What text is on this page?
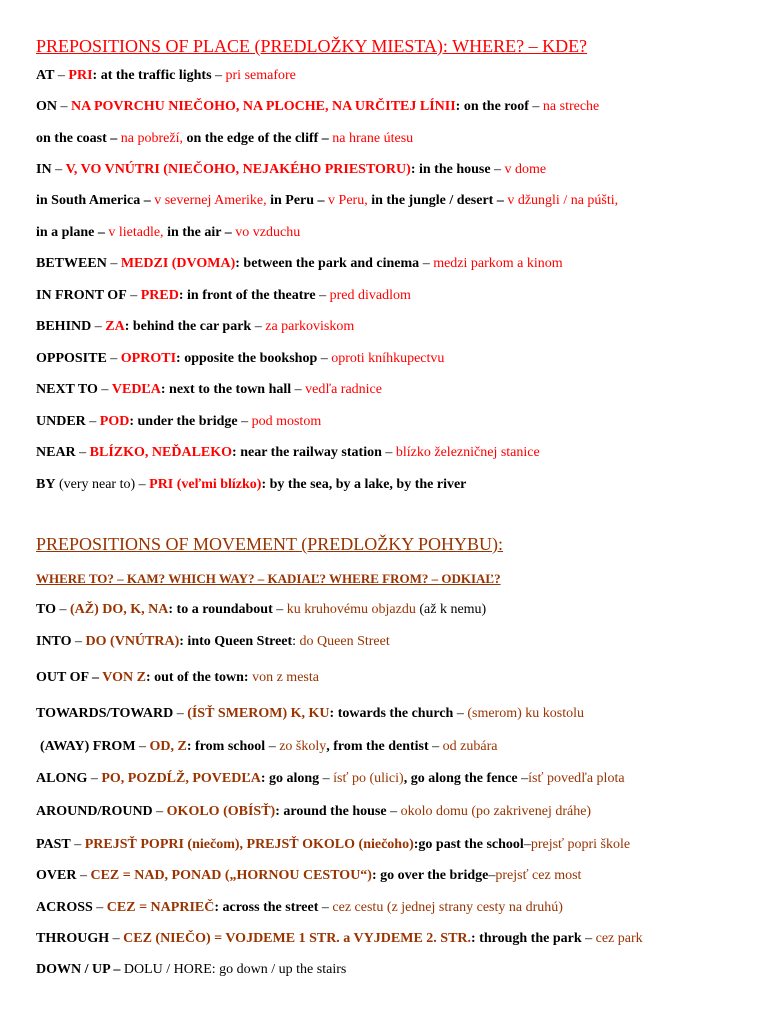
PREPOSITIONS OF PLACE (PREDLOŽKY MIESTA): WHERE? – KDE?

AT – PRI: at the traffic lights – pri semafore

ON – NA POVRCHU NIEČOHO, NA PLOCHE, NA URČITEJ LÍNII: on the roof – na streche

on the coast – na pobreží, on the edge of the cliff – na hrane útesu

IN – V, VO VNÚTRI (NIEČOHO, NEJAKÉHO PRIESTORU): in the house – v dome

in South America – v severnej Amerike, in Peru – v Peru, in the jungle / desert – v džungli / na púšti,

in a plane – v lietadle, in the air – vo vzduchu

BETWEEN – MEDZI (DVOMA): between the park and cinema – medzi parkom a kinom

IN FRONT OF – PRED: in front of the theatre – pred divadlom

BEHIND – ZA: behind the car park – za parkoviskom

OPPOSITE – OPROTI: opposite the bookshop – oproti kníhkupectvu

NEXT TO – VEDĽA: next to the town hall – vedľa radnice

UNDER – POD: under the bridge – pod mostom

NEAR – BLÍZKO, NEĎALEKO: near the railway station – blízko železničnej stanice

BY (very near to) – PRI (veľmi blízko): by the sea, by a lake, by the river

PREPOSITIONS OF MOVEMENT (PREDLOŽKY POHYBU):
WHERE TO? – KAM? WHICH WAY? – KADIAĽ? WHERE FROM? – ODKIAĽ?

TO – (AŽ) DO, K, NA: to a roundabout – ku kruhovému objazdu (až k nemu)

INTO – DO (VNÚTRA): into Queen Street: do Queen Street

OUT OF – VON Z: out of the town: von z mesta

TOWARDS/TOWARD – (ÍSŤ SMEROM) K, KU: towards the church – (smerom) ku kostolu

(AWAY) FROM – OD, Z: from school – zo školy, from the dentist – od zubára

ALONG – PO, POZDĹŽ, POVEDĽA: go along – ísť po (ulici), go along the fence –ísť povedľa plota

AROUND/ROUND – OKOLO (OBÍSŤ): around the house – okolo domu (po zakrivenej dráhe)

PAST – PREJSŤ POPRI (niečom), PREJSŤ OKOLO (niečoho):go past the school–prejsť popri škole

OVER – CEZ = NAD, PONAD („HORNOU CESTOU“): go over the bridge–prejsť cez most

ACROSS – CEZ = NAPRIEČ: across the street – cez cestu (z jednej strany cesty na druhú)

THROUGH – CEZ (NIEČO) = VOJDEME 1 STR. a VYJDEME 2. STR.: through the park – cez park

DOWN / UP – DOLU / HORE: go down / up the stairs
